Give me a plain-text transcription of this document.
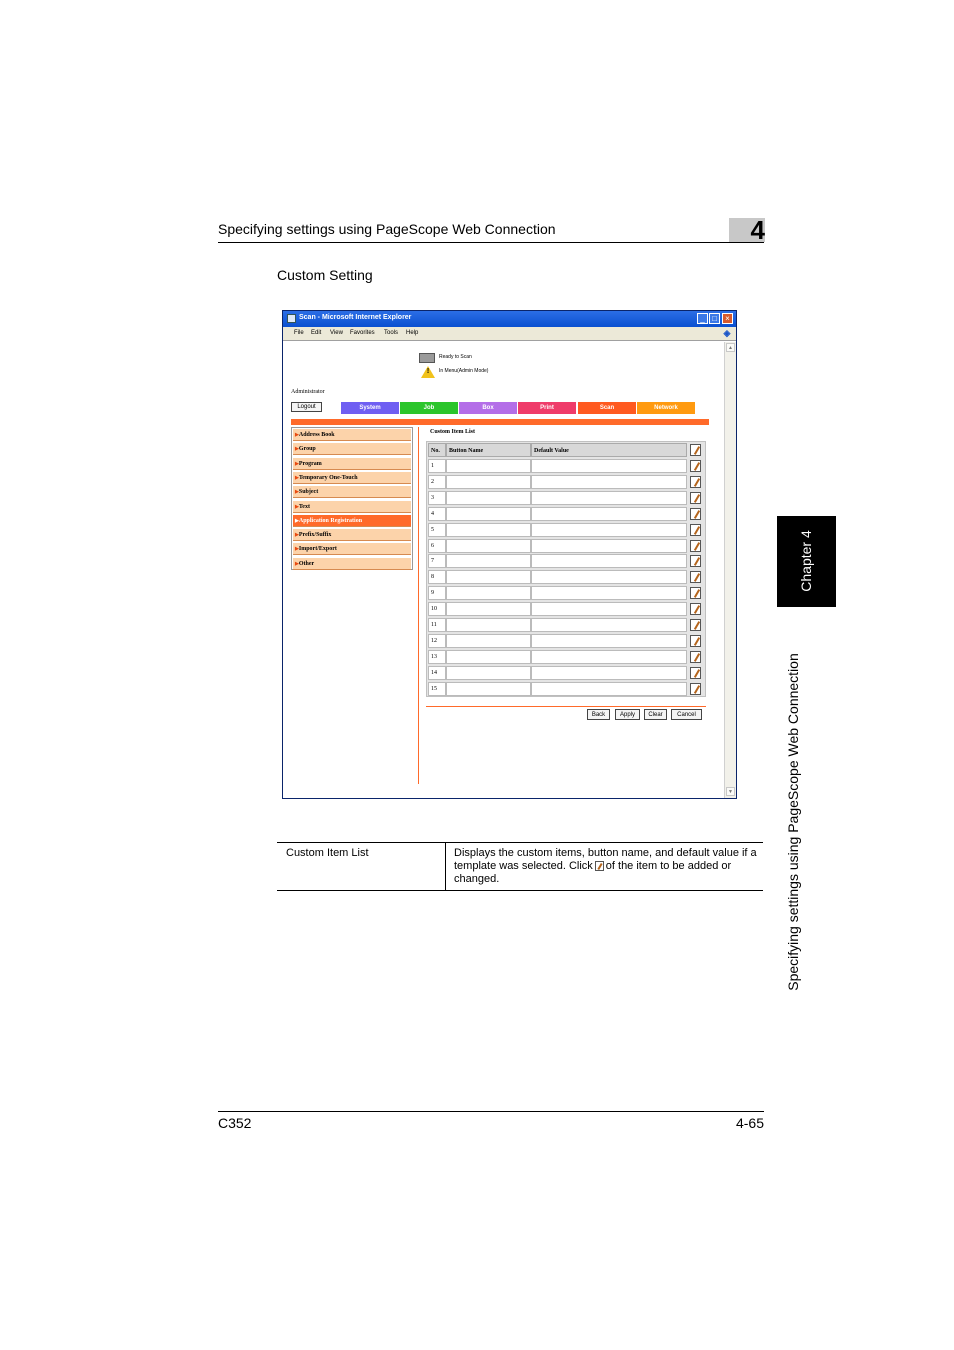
Specifying settings using PageScope Web Connection	4
Custom Setting
Chapter 4
Specifying settings using PageScope Web Connection
Scan - Microsoft Internet Explorer	_ □	×
File Edit View Favorites Tools Help	◈
▲
▼
Ready to Scan
!	In Menu(Admin Mode)
Administrator
Logout
▶Address Book
▶Group
▶Program
▶Temporary One-Touch
▶Subject
▶Text
▶Application Registration
▶Prefix/Suffix
▶Import/Export
▶Other
Custom Item List
No.	Button Name	Default Value
1
2
3
4
5
6
7
8
9
10
11
12
13
14
15
Back	Apply	Clear	Cancel
System	Job	Box	Print	Scan	Network
Custom Item List	Displays the custom items, button name, and default value if a template was selected. Click of the item to be added or changed.
C352	4-65
